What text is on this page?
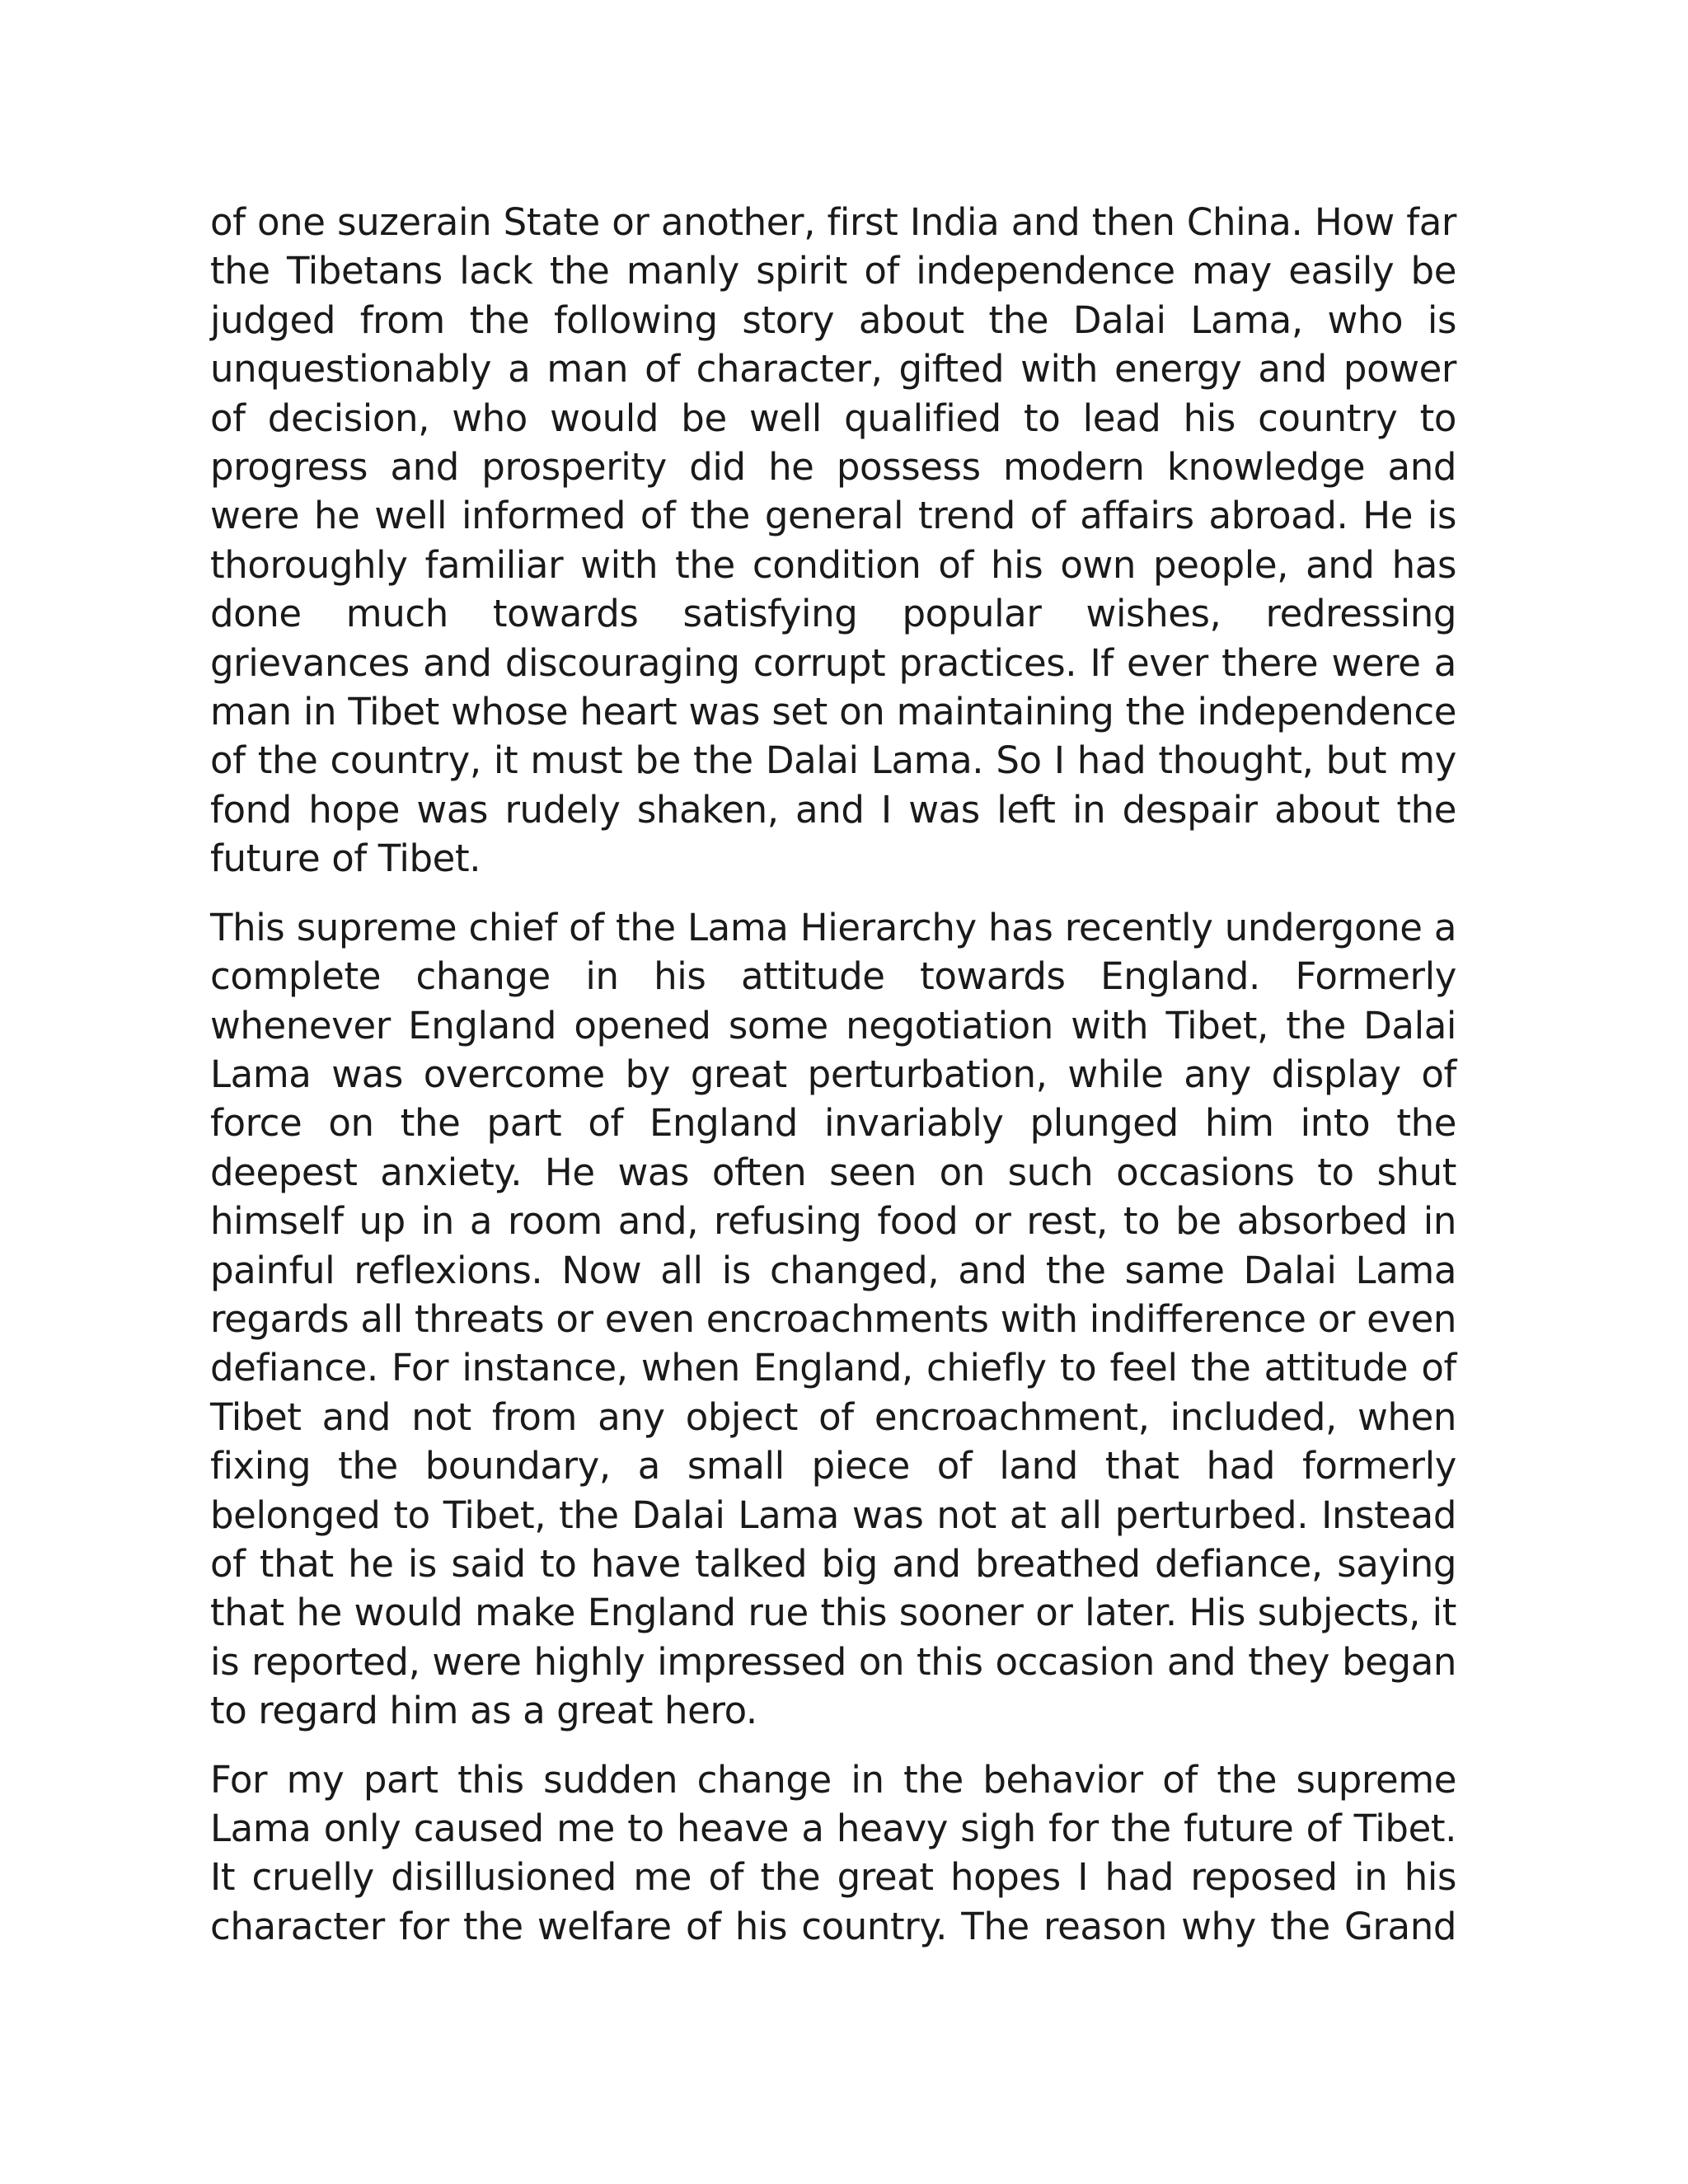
of one suzerain State or another, first India and then China. How far the Tibetans lack the manly spirit of independence may easily be judged from the following story about the Dalai Lama, who is unquestionably a man of character, gifted with energy and power of decision, who would be well qualified to lead his country to progress and prosperity did he possess modern knowledge and were he well informed of the general trend of affairs abroad. He is thoroughly familiar with the condition of his own people, and has done much towards satisfying popular wishes, redressing grievances and discouraging corrupt practices. If ever there were a man in Tibet whose heart was set on maintaining the independence of the country, it must be the Dalai Lama. So I had thought, but my fond hope was rudely shaken, and I was left in despair about the future of Tibet.

This supreme chief of the Lama Hierarchy has recently undergone a complete change in his attitude towards England. Formerly whenever England opened some negotiation with Tibet, the Dalai Lama was overcome by great perturbation, while any display of force on the part of England invariably plunged him into the deepest anxiety. He was often seen on such occasions to shut himself up in a room and, refusing food or rest, to be absorbed in painful reflexions. Now all is changed, and the same Dalai Lama regards all threats or even encroachments with indifference or even defiance. For instance, when England, chiefly to feel the attitude of Tibet and not from any object of encroachment, included, when fixing the boundary, a small piece of land that had formerly belonged to Tibet, the Dalai Lama was not at all perturbed. Instead of that he is said to have talked big and breathed defiance, saying that he would make England rue this sooner or later. His subjects, it is reported, were highly impressed on this occasion and they began to regard him as a great hero.

For my part this sudden change in the behavior of the supreme Lama only caused me to heave a heavy sigh for the future of Tibet. It cruelly disillusioned me of the great hopes I had reposed in his character for the welfare of his country. The reason why the Grand
